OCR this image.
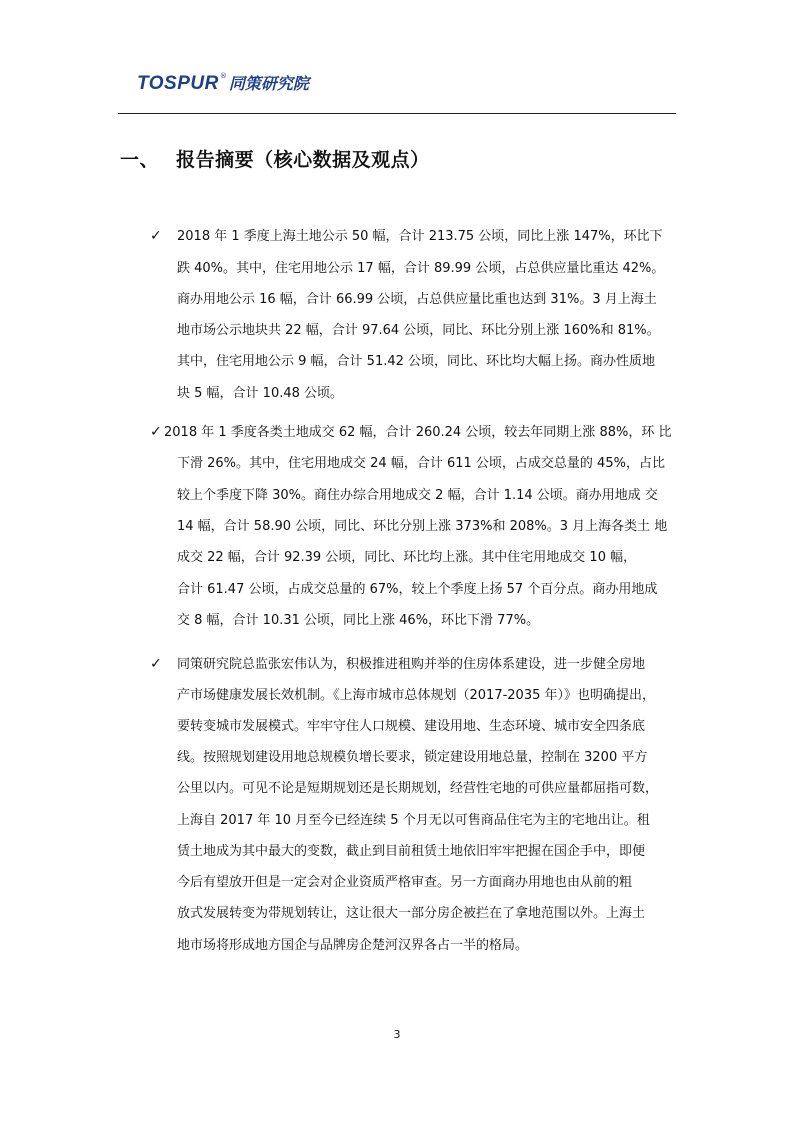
TOSPUR ® 同策研究院
一、 报告摘要（核心数据及观点）
✓ 2018 年 1 季度上海土地公示 50 幅，合计 213.75 公顷，同比上涨 147%，环比下
跌 40%。其中，住宅用地公示 17 幅，合计 89.99 公顷，占总供应量比重达 42%。
商办用地公示 16 幅，合计 66.99 公顷，占总供应量比重也达到 31%。3 月上海土
地市场公示地块共 22 幅，合计 97.64 公顷，同比、环比分别上涨 160%和 81%。
其中，住宅用地公示 9 幅，合计 51.42 公顷，同比、环比均大幅上扬。商办性质地
块 5 幅，合计 10.48 公顷。
✓ 2018 年 1 季度各类土地成交 62 幅，合计 260.24 公顷，较去年同期上涨 88%，环 比
下滑 26%。其中，住宅用地成交 24 幅，合计 611 公顷，占成交总量的 45%，占比
较上个季度下降 30%。商住办综合用地成交 2 幅，合计 1.14 公顷。商办用地成 交
14 幅，合计 58.90 公顷，同比、环比分别上涨 373%和 208%。3 月上海各类土 地
成交 22 幅，合计 92.39 公顷，同比、环比均上涨。其中住宅用地成交 10 幅，
合计 61.47 公顷，占成交总量的 67%，较上个季度上扬 57 个百分点。商办用地成
交 8 幅，合计 10.31 公顷，同比上涨 46%，环比下滑 77%。
✓ 同策研究院总监张宏伟认为，积极推进租购并举的住房体系建设，进一步健全房地
产市场健康发展长效机制。《上海市城市总体规划（2017-2035 年）》也明确提出，
要转变城市发展模式。牢牢守住人口规模、建设用地、生态环境、城市安全四条底
线。按照规划建设用地总规模负增长要求，锁定建设用地总量，控制在 3200 平方
公里以内。可见不论是短期规划还是长期规划，经营性宅地的可供应量都屈指可数，
上海自 2017 年 10 月至今已经连续 5 个月无以可售商品住宅为主的宅地出让。租
赁土地成为其中最大的变数，截止到目前租赁土地依旧牢牢把握在国企手中，即便
今后有望放开但是一定会对企业资质严格审查。另一方面商办用地也由从前的粗
放式发展转变为带规划转让，这让很大一部分房企被拦在了拿地范围以外。上海土
地市场将形成地方国企与品牌房企楚河汉界各占一半的格局。
3
